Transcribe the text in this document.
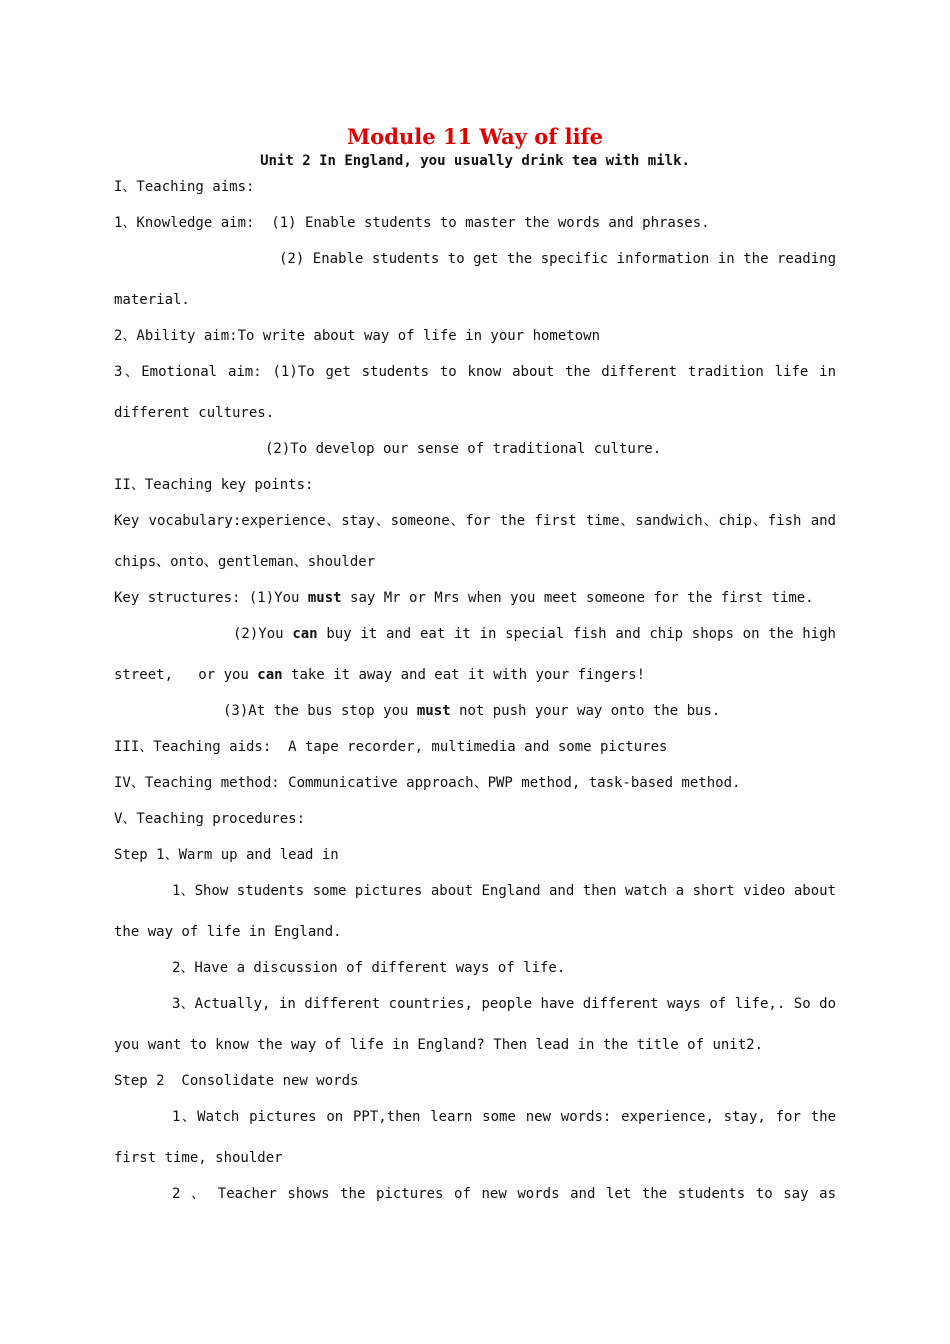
Module 11 Way of life
Unit 2 In England, you usually drink tea with milk.

I、Teaching aims:

1、Knowledge aim:  (1) Enable students to master the words and phrases.

(2) Enable students to get the specific information in the reading

material.

2、Ability aim:To write about way of life in your hometown

3、Emotional aim: (1)To get students to know about the different tradition life in

different cultures.

(2)To develop our sense of traditional culture.

II、Teaching key points:

Key vocabulary:experience、stay、someone、for the first time、sandwich、chip、fish and

chips、onto、gentleman、shoulder

Key structures: (1)You must say Mr or Mrs when you meet someone for the first time.

(2)You can buy it and eat it in special fish and chip shops on the high

street,   or you can take it away and eat it with your fingers!

(3)At the bus stop you must not push your way onto the bus.

III、Teaching aids:  A tape recorder, multimedia and some pictures

IV、Teaching method: Communicative approach、PWP method, task-based method.

V、Teaching procedures:

Step 1、Warm up and lead in

1、Show students some pictures about England and then watch a short video about

the way of life in England.

2、Have a discussion of different ways of life.

3、Actually, in different countries, people have different ways of life,. So do

you want to know the way of life in England? Then lead in the title of unit2.

Step 2  Consolidate new words

1、Watch pictures on PPT,then learn some new words: experience, stay, for the

first time, shoulder

2 、 Teacher shows the pictures of new words and let the students to say as
